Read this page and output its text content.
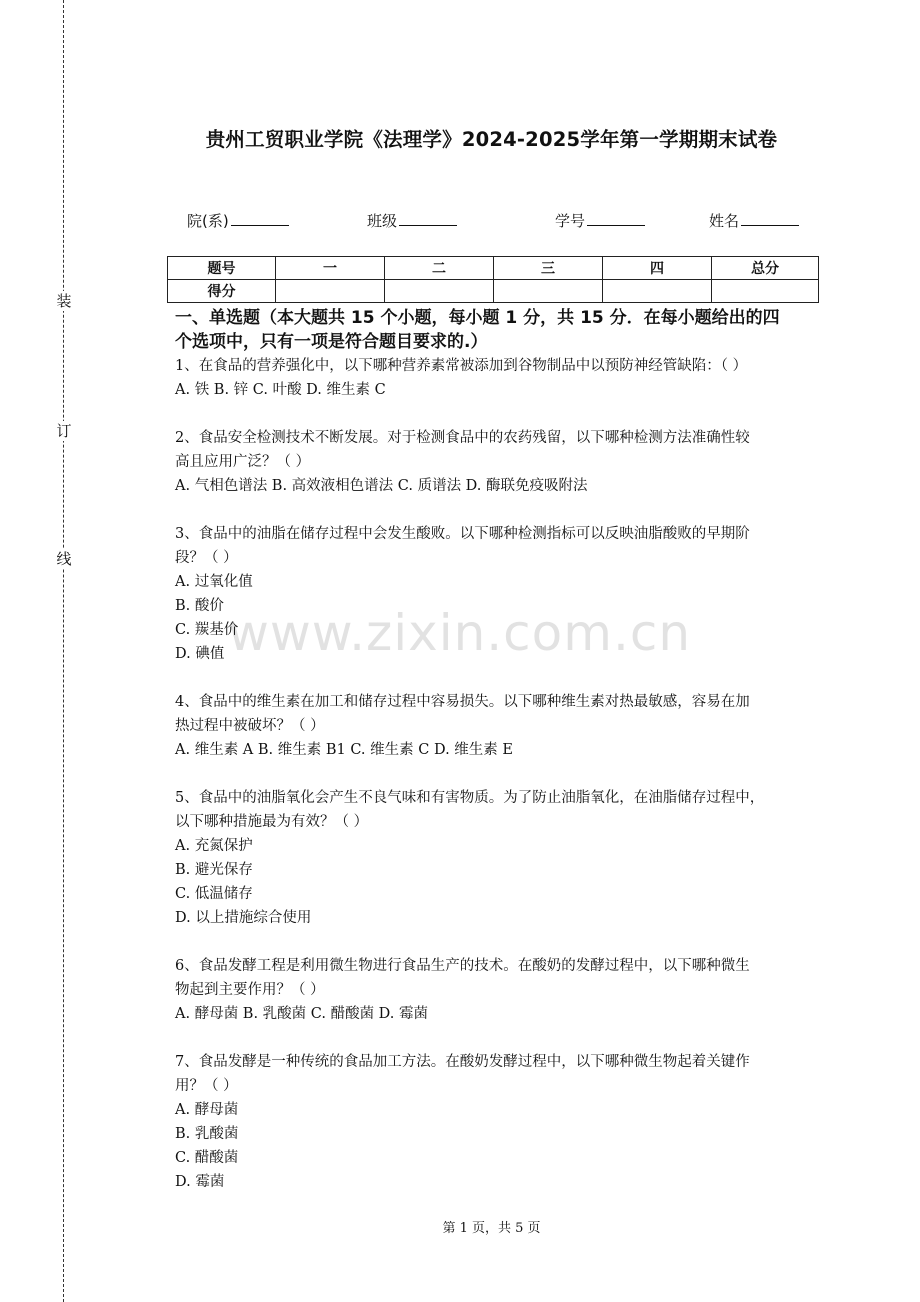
装
订
线
贵州工贸职业学院《法理学》2024-2025学年第一学期期末试卷
院(系)	班级	学号	姓名
题号	一	二	三	四	总分
得分					
一、单选题（本大题共 15 个小题，每小题 1 分，共 15 分．在每小题给出的四
个选项中，只有一项是符合题目要求的.）
www.zixin.com.cn
1、在食品的营养强化中，以下哪种营养素常被添加到谷物制品中以预防神经管缺陷：（ ）
A. 铁 B. 锌 C. 叶酸 D. 维生素 C
2、食品安全检测技术不断发展。对于检测食品中的农药残留，以下哪种检测方法准确性较
高且应用广泛？（ ）
A. 气相色谱法 B. 高效液相色谱法 C. 质谱法 D. 酶联免疫吸附法
3、食品中的油脂在储存过程中会发生酸败。以下哪种检测指标可以反映油脂酸败的早期阶
段？（ ）
A. 过氧化值
B. 酸价
C. 羰基价
D. 碘值
4、食品中的维生素在加工和储存过程中容易损失。以下哪种维生素对热最敏感，容易在加
热过程中被破坏？（ ）
A. 维生素 A B. 维生素 B1 C. 维生素 C D. 维生素 E
5、食品中的油脂氧化会产生不良气味和有害物质。为了防止油脂氧化，在油脂储存过程中，
以下哪种措施最为有效？（ ）
A. 充氮保护
B. 避光保存
C. 低温储存
D. 以上措施综合使用
6、食品发酵工程是利用微生物进行食品生产的技术。在酸奶的发酵过程中，以下哪种微生
物起到主要作用？（ ）
A. 酵母菌 B. 乳酸菌 C. 醋酸菌 D. 霉菌
7、食品发酵是一种传统的食品加工方法。在酸奶发酵过程中，以下哪种微生物起着关键作
用？（ ）
A. 酵母菌
B. 乳酸菌
C. 醋酸菌
D. 霉菌
第 1 页，共 5 页
